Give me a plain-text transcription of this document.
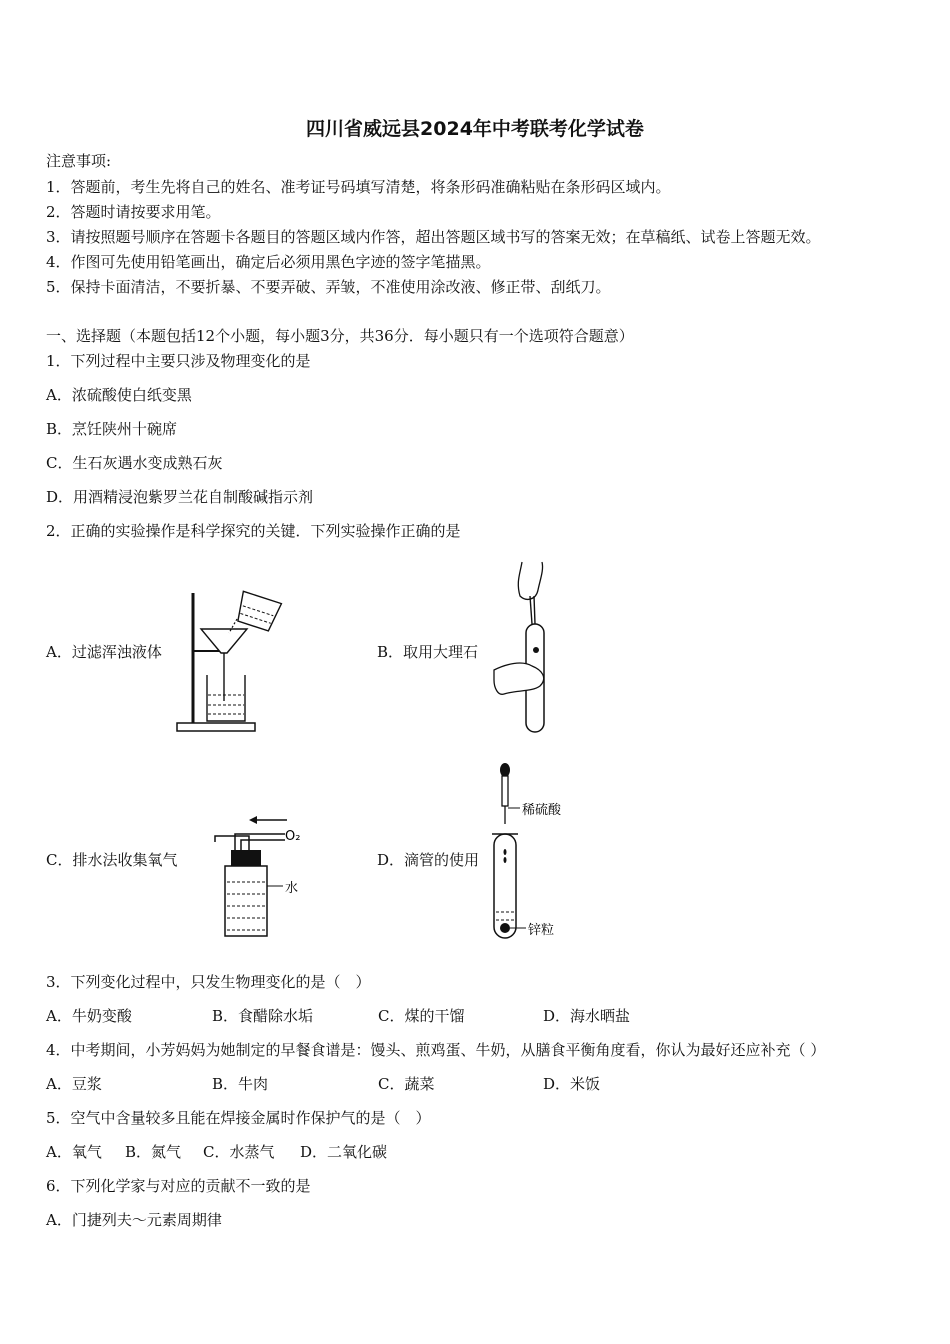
四川省威远县2024年中考联考化学试卷
注意事项:
1．答题前，考生先将自己的姓名、准考证号码填写清楚，将条形码准确粘贴在条形码区域内。
2．答题时请按要求用笔。
3．请按照题号顺序在答题卡各题目的答题区域内作答，超出答题区域书写的答案无效；在草稿纸、试卷上答题无效。
4．作图可先使用铅笔画出，确定后必须用黑色字迹的签字笔描黑。
5．保持卡面清洁，不要折暴、不要弄破、弄皱，不准使用涂改液、修正带、刮纸刀。
一、选择题（本题包括12个小题，每小题3分，共36分．每小题只有一个选项符合题意）
1．下列过程中主要只涉及物理变化的是
A．浓硫酸使白纸变黑
B．烹饪陕州十碗席
C．生石灰遇水变成熟石灰
D．用酒精浸泡紫罗兰花自制酸碱指示剂
2．正确的实验操作是科学探究的关键．下列实验操作正确的是
A．过滤浑浊液体	B．取用大理石
C．排水法收集氧气	D．滴管的使用
O₂
水
稀硫酸
锌粒
3．下列变化过程中，只发生物理变化的是（　）
A．牛奶变酸	B．食醋除水垢	C．煤的干馏	D．海水晒盐
4．中考期间，小芳妈妈为她制定的早餐食谱是：馒头、煎鸡蛋、牛奶，从膳食平衡角度看，你认为最好还应补充（ ）
A．豆浆	B．牛肉	C．蔬菜	D．米饭
5．空气中含量较多且能在焊接金属时作保护气的是（　）
A．氧气 B．氮气 C．水蒸气 D．二氧化碳
6．下列化学家与对应的贡献不一致的是
A．门捷列夫～元素周期律
